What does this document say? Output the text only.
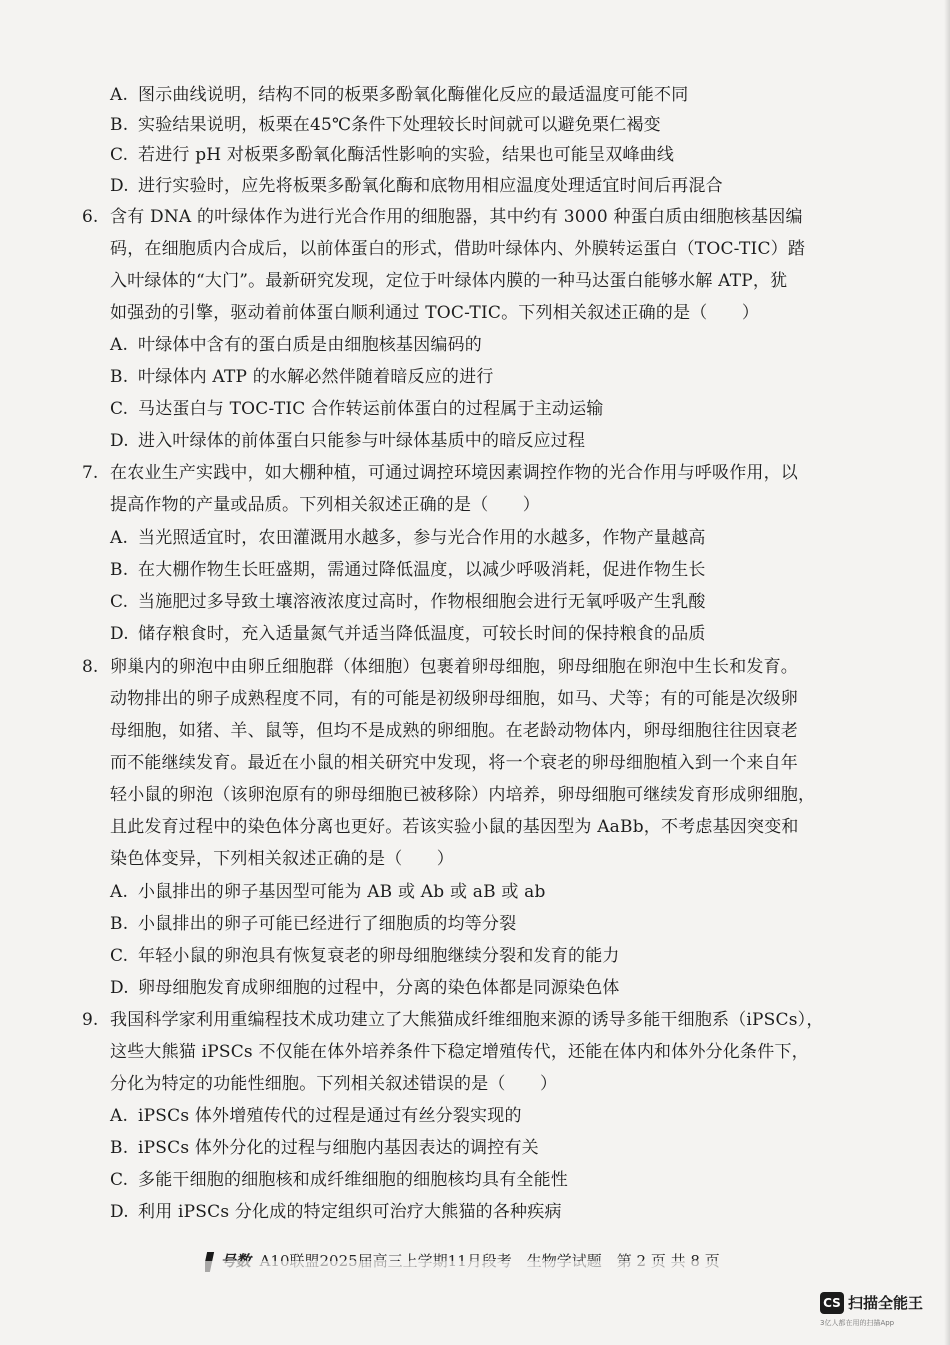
A. 图示曲线说明，结构不同的板栗多酚氧化酶催化反应的最适温度可能不同
B. 实验结果说明，板栗在45℃条件下处理较长时间就可以避免栗仁褐变
C. 若进行 pH 对板栗多酚氧化酶活性影响的实验，结果也可能呈双峰曲线
D. 进行实验时，应先将板栗多酚氧化酶和底物用相应温度处理适宜时间后再混合
6. 含有 DNA 的叶绿体作为进行光合作用的细胞器，其中约有 3000 种蛋白质由细胞核基因编
码，在细胞质内合成后，以前体蛋白的形式，借助叶绿体内、外膜转运蛋白（TOC-TIC）踏
入叶绿体的“大门”。最新研究发现，定位于叶绿体内膜的一种马达蛋白能够水解 ATP，犹
如强劲的引擎，驱动着前体蛋白顺利通过 TOC-TIC。下列相关叙述正确的是（　　）
A. 叶绿体中含有的蛋白质是由细胞核基因编码的
B. 叶绿体内 ATP 的水解必然伴随着暗反应的进行
C. 马达蛋白与 TOC-TIC 合作转运前体蛋白的过程属于主动运输
D. 进入叶绿体的前体蛋白只能参与叶绿体基质中的暗反应过程
7. 在农业生产实践中，如大棚种植，可通过调控环境因素调控作物的光合作用与呼吸作用，以
提高作物的产量或品质。下列相关叙述正确的是（　　）
A. 当光照适宜时，农田灌溉用水越多，参与光合作用的水越多，作物产量越高
B. 在大棚作物生长旺盛期，需通过降低温度，以减少呼吸消耗，促进作物生长
C. 当施肥过多导致土壤溶液浓度过高时，作物根细胞会进行无氧呼吸产生乳酸
D. 储存粮食时，充入适量氮气并适当降低温度，可较长时间的保持粮食的品质
8. 卵巢内的卵泡中由卵丘细胞群（体细胞）包裹着卵母细胞，卵母细胞在卵泡中生长和发育。
动物排出的卵子成熟程度不同，有的可能是初级卵母细胞，如马、犬等；有的可能是次级卵
母细胞，如猪、羊、鼠等，但均不是成熟的卵细胞。在老龄动物体内，卵母细胞往往因衰老
而不能继续发育。最近在小鼠的相关研究中发现，将一个衰老的卵母细胞植入到一个来自年
轻小鼠的卵泡（该卵泡原有的卵母细胞已被移除）内培养，卵母细胞可继续发育形成卵细胞，
且此发育过程中的染色体分离也更好。若该实验小鼠的基因型为 AaBb，不考虑基因突变和
染色体变异，下列相关叙述正确的是（　　）
A. 小鼠排出的卵子基因型可能为 AB 或 Ab 或 aB 或 ab
B. 小鼠排出的卵子可能已经进行了细胞质的均等分裂
C. 年轻小鼠的卵泡具有恢复衰老的卵母细胞继续分裂和发育的能力
D. 卵母细胞发育成卵细胞的过程中，分离的染色体都是同源染色体
9. 我国科学家利用重编程技术成功建立了大熊猫成纤维细胞来源的诱导多能干细胞系（iPSCs），
这些大熊猫 iPSCs 不仅能在体外培养条件下稳定增殖传代，还能在体内和体外分化条件下，
分化为特定的功能性细胞。下列相关叙述错误的是（　　）
A. iPSCs 体外增殖传代的过程是通过有丝分裂实现的
B. iPSCs 体外分化的过程与细胞内基因表达的调控有关
C. 多能干细胞的细胞核和成纤维细胞的细胞核均具有全能性
D. 利用 iPSCs 分化成的特定组织可治疗大熊猫的各种疾病
CS 扫描全能王
3亿人都在用的扫描App
